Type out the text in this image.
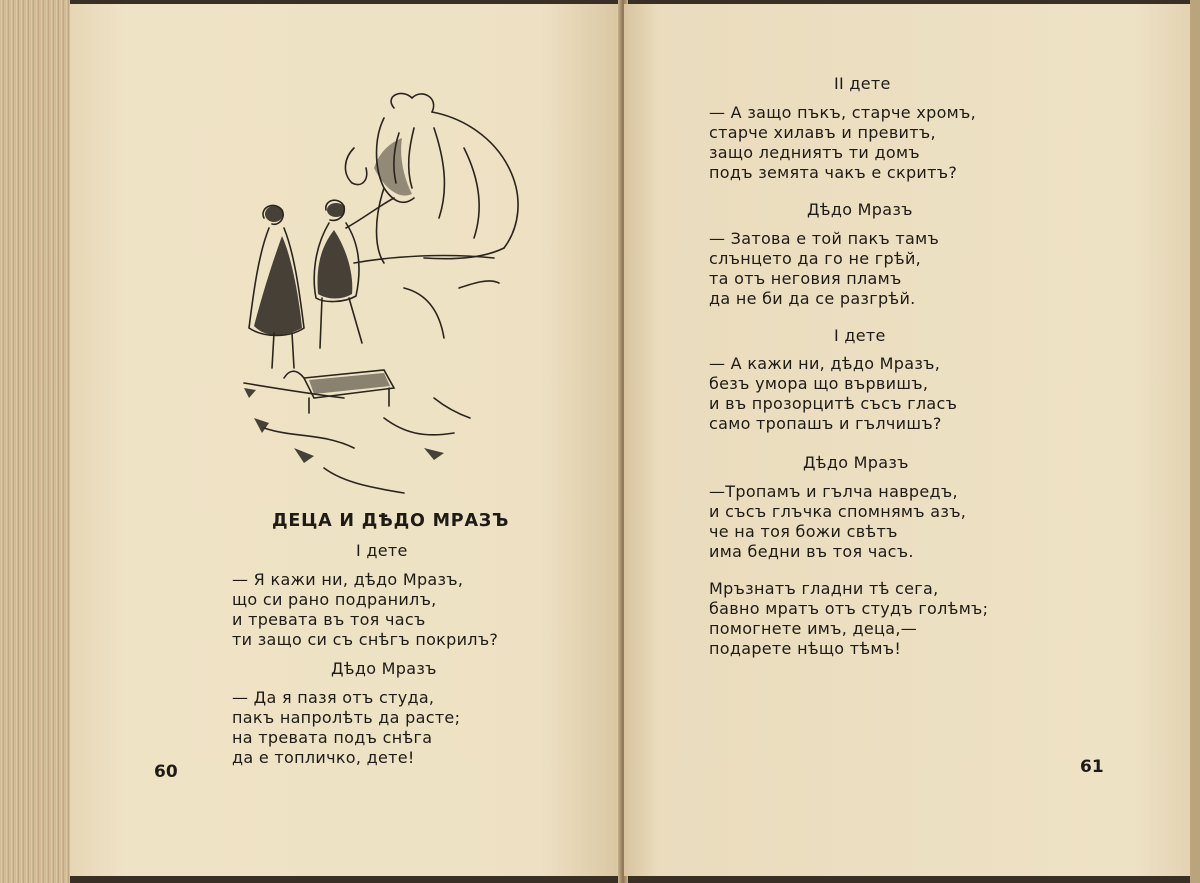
ДЕЦА И ДѢДО МРАЗЪ
I дете
— Я кажи ни, дѣдо Мразъ,
що си рано подранилъ,
и тревата въ тоя часъ
ти защо си съ снѣгъ покрилъ?
Дѣдо Мразъ
— Да я пазя отъ студа,
пакъ напролѣть да расте;
на тревата подъ снѣга
да е топличко, дете!
60
II дете
— А защо пъкъ, старче хромъ,
старче хилавъ и превитъ,
защо ледниятъ ти домъ
подъ земята чакъ е скритъ?
Дѣдо Мразъ
— Затова е той пакъ тамъ
слънцето да го не грѣй,
та отъ неговия пламъ
да не би да се разгрѣй.
I дете
— А кажи ни, дѣдо Мразъ,
безъ умора що вървишъ,
и въ прозорцитѣ съсъ гласъ
само тропашъ и гълчишъ?
Дѣдо Мразъ
—Тропамъ и гълча навредъ,
и съсъ глъчка спомнямъ азъ,
че на тоя божи свѣтъ
има бедни въ тоя часъ.
Мръзнатъ гладни тѣ сега,
бавно мратъ отъ студъ голѣмъ;
помогнете имъ, деца,—
подарете нѣщо тѣмъ!
61
